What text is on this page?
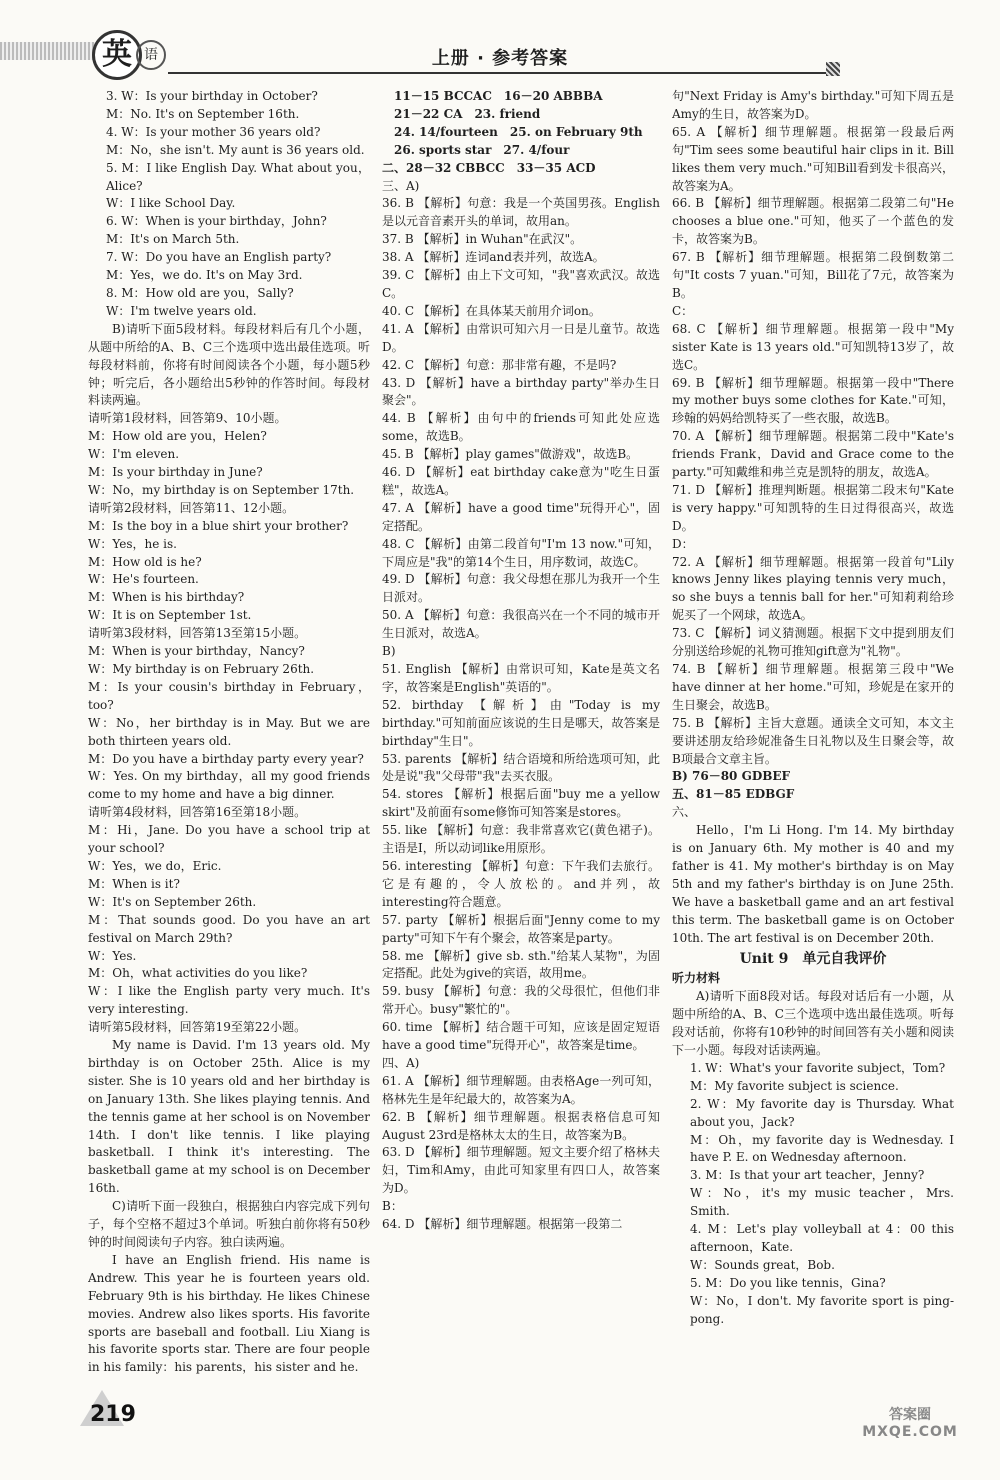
英 语	上册 · 参考答案

3. W：Is your birthday in October?

M：No. It's on September 16th.

4. W：Is your mother 36 years old?

M：No，she isn't. My aunt is 36 years old.

5. M：I like English Day. What about you，Alice?

W：I like School Day.

6. W：When is your birthday，John?

M：It's on March 5th.

7. W：Do you have an English party?

M：Yes，we do. It's on May 3rd.

8. M：How old are you，Sally?

W：I'm twelve years old.

B)请听下面5段材料。每段材料后有几个小题，从题中所给的A、B、C三个选项中选出最佳选项。听每段材料前，你将有时间阅读各个小题，每小题5秒钟；听完后，各小题给出5秒钟的作答时间。每段材料读两遍。

请听第1段材料，回答第9、10小题。

M：How old are you，Helen?

W：I'm eleven.

M：Is your birthday in June?

W：No，my birthday is on September 17th.

请听第2段材料，回答第11、12小题。

M：Is the boy in a blue shirt your brother?

W：Yes，he is.

M：How old is he?

W：He's fourteen.

M：When is his birthday?

W：It is on September 1st.

请听第3段材料，回答第13至第15小题。

M：When is your birthday，Nancy?

W：My birthday is on February 26th.

M：Is your cousin's birthday in February，too?

W：No，her birthday is in May. But we are both thirteen years old.

M：Do you have a birthday party every year?

W：Yes. On my birthday，all my good friends come to my home and have a big dinner.

请听第4段材料，回答第16至第18小题。

M：Hi，Jane. Do you have a school trip at your school?

W：Yes，we do，Eric.

M：When is it?

W：It's on September 26th.

M：That sounds good. Do you have an art festival on March 29th?

W：Yes.

M：Oh，what activities do you like?

W：I like the English party very much. It's very interesting.

请听第5段材料，回答第19至第22小题。

My name is David. I'm 13 years old. My birthday is on October 25th. Alice is my sister. She is 10 years old and her birthday is on January 13th. She likes playing tennis. And the tennis game at her school is on November 14th. I don't like tennis. I like playing basketball. I think it's interesting. The basketball game at my school is on December 16th.

C)请听下面一段独白，根据独白内容完成下列句子，每个空格不超过3个单词。听独白前你将有50秒钟的时间阅读句子内容。独白读两遍。

I have an English friend. His name is Andrew. This year he is fourteen years old. February 9th is his birthday. He likes Chinese movies. Andrew also likes sports. His favorite sports are baseball and football. Liu Xiang is his favorite sports star. There are four people in his family：his parents，his sister and he.

　11－15 BCCAC　16－20 ABBBA

　21－22 CA　23. friend

　24. 14/fourteen　25. on February 9th

　26. sports star　27. 4/four

二、28－32 CBBCC　33－35 ACD

三、A)

36. B 【解析】句意：我是一个英国男孩。English是以元音音素开头的单词，故用an。

37. B 【解析】in Wuhan"在武汉"。

38. A 【解析】连词and表并列，故选A。

39. C 【解析】由上下文可知，"我"喜欢武汉。故选C。

40. C 【解析】在具体某天前用介词on。

41. A 【解析】由常识可知六月一日是儿童节。故选D。

42. C 【解析】句意：那非常有趣，不是吗?

43. D 【解析】have a birthday party"举办生日聚会"。

44. B 【解析】由句中的friends可知此处应选some，故选B。

45. B 【解析】play games"做游戏"，故选B。

46. D 【解析】eat birthday cake意为"吃生日蛋糕"，故选A。

47. A 【解析】have a good time"玩得开心"，固定搭配。

48. C 【解析】由第二段首句"I'm 13 now."可知，下周应是"我"的第14个生日，用序数词，故选C。

49. D 【解析】句意：我父母想在那儿为我开一个生日派对。

50. A 【解析】句意：我很高兴在一个不同的城市开生日派对，故选A。

B)

51. English 【解析】由常识可知，Kate是英文名字，故答案是English"英语的"。

52. birthday 【解析】由"Today is my birthday."可知前面应该说的生日是哪天，故答案是birthday"生日"。

53. parents 【解析】结合语境和所给选项可知，此处是说"我"父母带"我"去买衣服。

54. stores 【解析】根据后面"buy me a yellow skirt"及前面有some修饰可知答案是stores。

55. like 【解析】句意：我非常喜欢它(黄色裙子)。主语是I，所以动词like用原形。

56. interesting 【解析】句意：下午我们去旅行。它是有趣的，令人放松的。and并列，故interesting符合题意。

57. party 【解析】根据后面"Jenny come to my party"可知下午有个聚会，故答案是party。

58. me 【解析】give sb. sth."给某人某物"，为固定搭配。此处为give的宾语，故用me。

59. busy 【解析】句意：我的父母很忙，但他们非常开心。busy"繁忙的"。

60. time 【解析】结合题干可知，应该是固定短语have a good time"玩得开心"，故答案是time。

四、A)

61. A 【解析】细节理解题。由表格Age一列可知，格林先生是年纪最大的，故答案为A。

62. B 【解析】细节理解题。根据表格信息可知August 23rd是格林太太的生日，故答案为B。

63. D 【解析】细节理解题。短文主要介绍了格林夫妇，Tim和Amy，由此可知家里有四口人，故答案为D。

B：

64. D 【解析】细节理解题。根据第一段第二

句"Next Friday is Amy's birthday."可知下周五是Amy的生日，故答案为D。

65. A 【解析】细节理解题。根据第一段最后两句"Tim sees some beautiful hair clips in it. Bill likes them very much."可知Bill看到发卡很高兴，故答案为A。

66. B 【解析】细节理解题。根据第二段第二句"He chooses a blue one."可知，他买了一个蓝色的发卡，故答案为B。

67. B 【解析】细节理解题。根据第二段倒数第二句"It costs 7 yuan."可知，Bill花了7元，故答案为B。

C：

68. C 【解析】细节理解题。根据第一段中"My sister Kate is 13 years old."可知凯特13岁了，故选C。

69. B 【解析】细节理解题。根据第一段中"There my mother buys some clothes for Kate."可知，珍翰的妈妈给凯特买了一些衣服，故选B。

70. A 【解析】细节理解题。根据第二段中"Kate's friends Frank，David and Grace come to the party."可知戴维和弗兰克是凯特的朋友，故选A。

71. D 【解析】推理判断题。根据第二段末句"Kate is very happy."可知凯特的生日过得很高兴，故选D。

D：

72. A 【解析】细节理解题。根据第一段首句"Lily knows Jenny likes playing tennis very much，so she buys a tennis ball for her."可知莉莉给珍妮买了一个网球，故选A。

73. C 【解析】词义猜测题。根据下文中提到朋友们分别送给珍妮的礼物可推知gift意为"礼物"。

74. B 【解析】细节理解题。根据第三段中"We have dinner at her home."可知，珍妮是在家开的生日聚会，故选B。

75. B 【解析】主旨大意题。通读全文可知，本文主要讲述朋友给珍妮准备生日礼物以及生日聚会等，故B项最合文章主旨。

B) 76－80 GDBEF

五、81－85 EDBGF

六、

Hello，I'm Li Hong. I'm 14. My birthday is on January 6th. My mother is 40 and my father is 41. My mother's birthday is on May 5th and my father's birthday is on June 25th. We have a basketball game and an art festival this term. The basketball game is on October 10th. The art festival is on December 20th.

Unit 9　单元自我评价

听力材料

A)请听下面8段对话。每段对话后有一小题，从题中所给的A、B、C三个选项中选出最佳选项。听每段对话前，你将有10秒钟的时间回答有关小题和阅读下一小题。每段对话读两遍。

1. W：What's your favorite subject，Tom?

M：My favorite subject is science.

2. W：My favorite day is Thursday. What about you，Jack?

M：Oh，my favorite day is Wednesday. I have P. E. on Wednesday afternoon.

3. M：Is that your art teacher，Jenny?

W：No，it's my music teacher，Mrs. Smith.

4. M：Let's play volleyball at 4：00 this afternoon，Kate.

W：Sounds great，Bob.

5. M：Do you like tennis，Gina?

W：No，I don't. My favorite sport is ping-pong.

219	答案圈
MXQE.COM
